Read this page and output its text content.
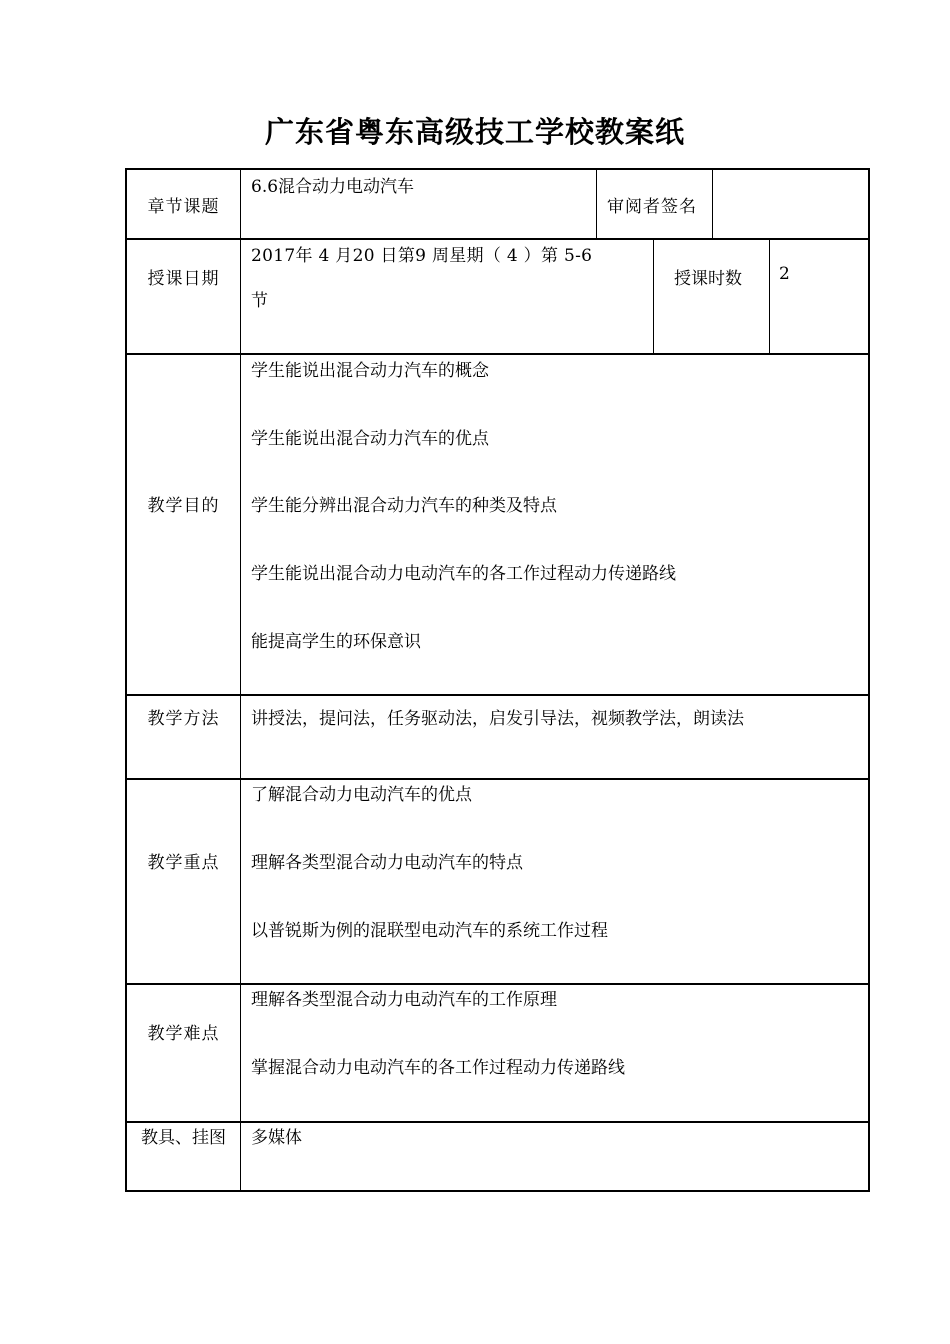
广东省粤东高级技工学校教案纸
章节课题
6.6混合动力电动汽车
审阅者签名
授课日期
2017年 4 月20 日第9 周星期（ 4 ）第 5-6
节
授课时数 2
教学目的
学生能说出混合动力汽车的概念
学生能说出混合动力汽车的优点
学生能分辨出混合动力汽车的种类及特点
学生能说出混合动力电动汽车的各工作过程动力传递路线
能提高学生的环保意识
教学方法	讲授法，提问法，任务驱动法，启发引导法，视频教学法，朗读法
教学重点
了解混合动力电动汽车的优点
理解各类型混合动力电动汽车的特点
以普锐斯为例的混联型电动汽车的系统工作过程
教学难点
理解各类型混合动力电动汽车的工作原理
掌握混合动力电动汽车的各工作过程动力传递路线
教具、挂图	多媒体
